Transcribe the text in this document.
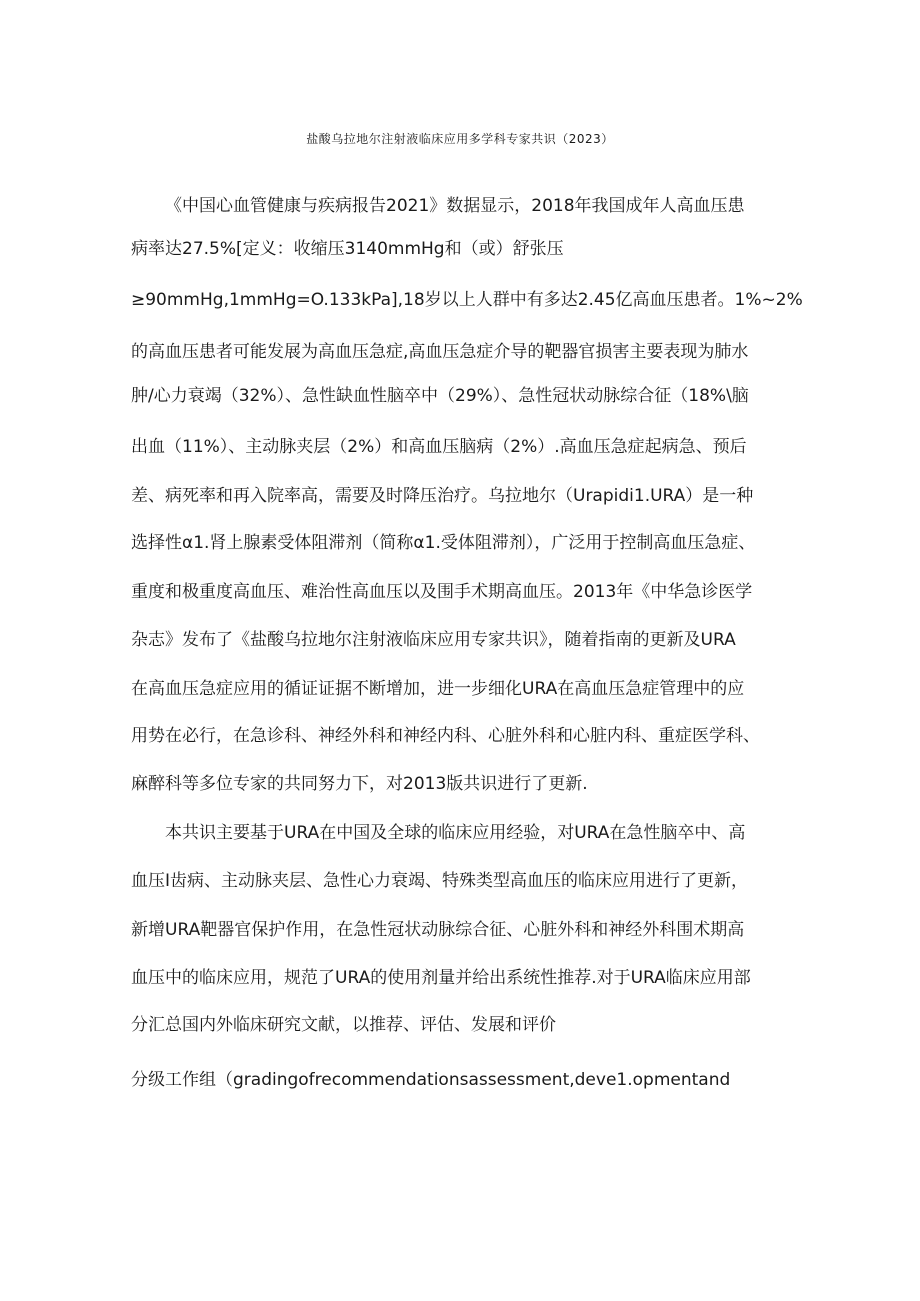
盐酸乌拉地尔注射液临床应用多学科专家共识（2023）
《中国心血管健康与疾病报告2021》数据显示，2018年我国成年人高血压患
病率达27.5%[定义：收缩压3140mmHg和（或）舒张压
≥90mmHg,1mmHg=O.133kPa],18岁以上人群中有多达2.45亿高血压患者。1%~2%
的高血压患者可能发展为高血压急症,高血压急症介导的靶器官损害主要表现为肺水
肿/心力衰竭（32%）、急性缺血性脑卒中（29%）、急性冠状动脉综合征（18%\脑
出血（11%）、主动脉夹层（2%）和高血压脑病（2%）.高血压急症起病急、预后
差、病死率和再入院率高，需要及时降压治疗。乌拉地尔（Urapidi1.URA）是一种
选择性α1.肾上腺素受体阻滞剂（简称α1.受体阻滞剂），广泛用于控制高血压急症、
重度和极重度高血压、难治性高血压以及围手术期高血压。2013年《中华急诊医学
杂志》发布了《盐酸乌拉地尔注射液临床应用专家共识》，随着指南的更新及URA
在高血压急症应用的循证证据不断增加，进一步细化URA在高血压急症管理中的应
用势在必行，在急诊科、神经外科和神经内科、心脏外科和心脏内科、重症医学科、
麻醉科等多位专家的共同努力下，对2013版共识进行了更新.
本共识主要基于URA在中国及全球的临床应用经验，对URA在急性脑卒中、高
血压I齿病、主动脉夹层、急性心力衰竭、特殊类型高血压的临床应用进行了更新，
新增URA靶器官保护作用，在急性冠状动脉综合征、心脏外科和神经外科围术期高
血压中的临床应用，规范了URA的使用剂量并给出系统性推荐.对于URA临床应用部
分汇总国内外临床研究文献，以推荐、评估、发展和评价
分级工作组（gradingofrecommendationsassessment,deve1.opmentand
